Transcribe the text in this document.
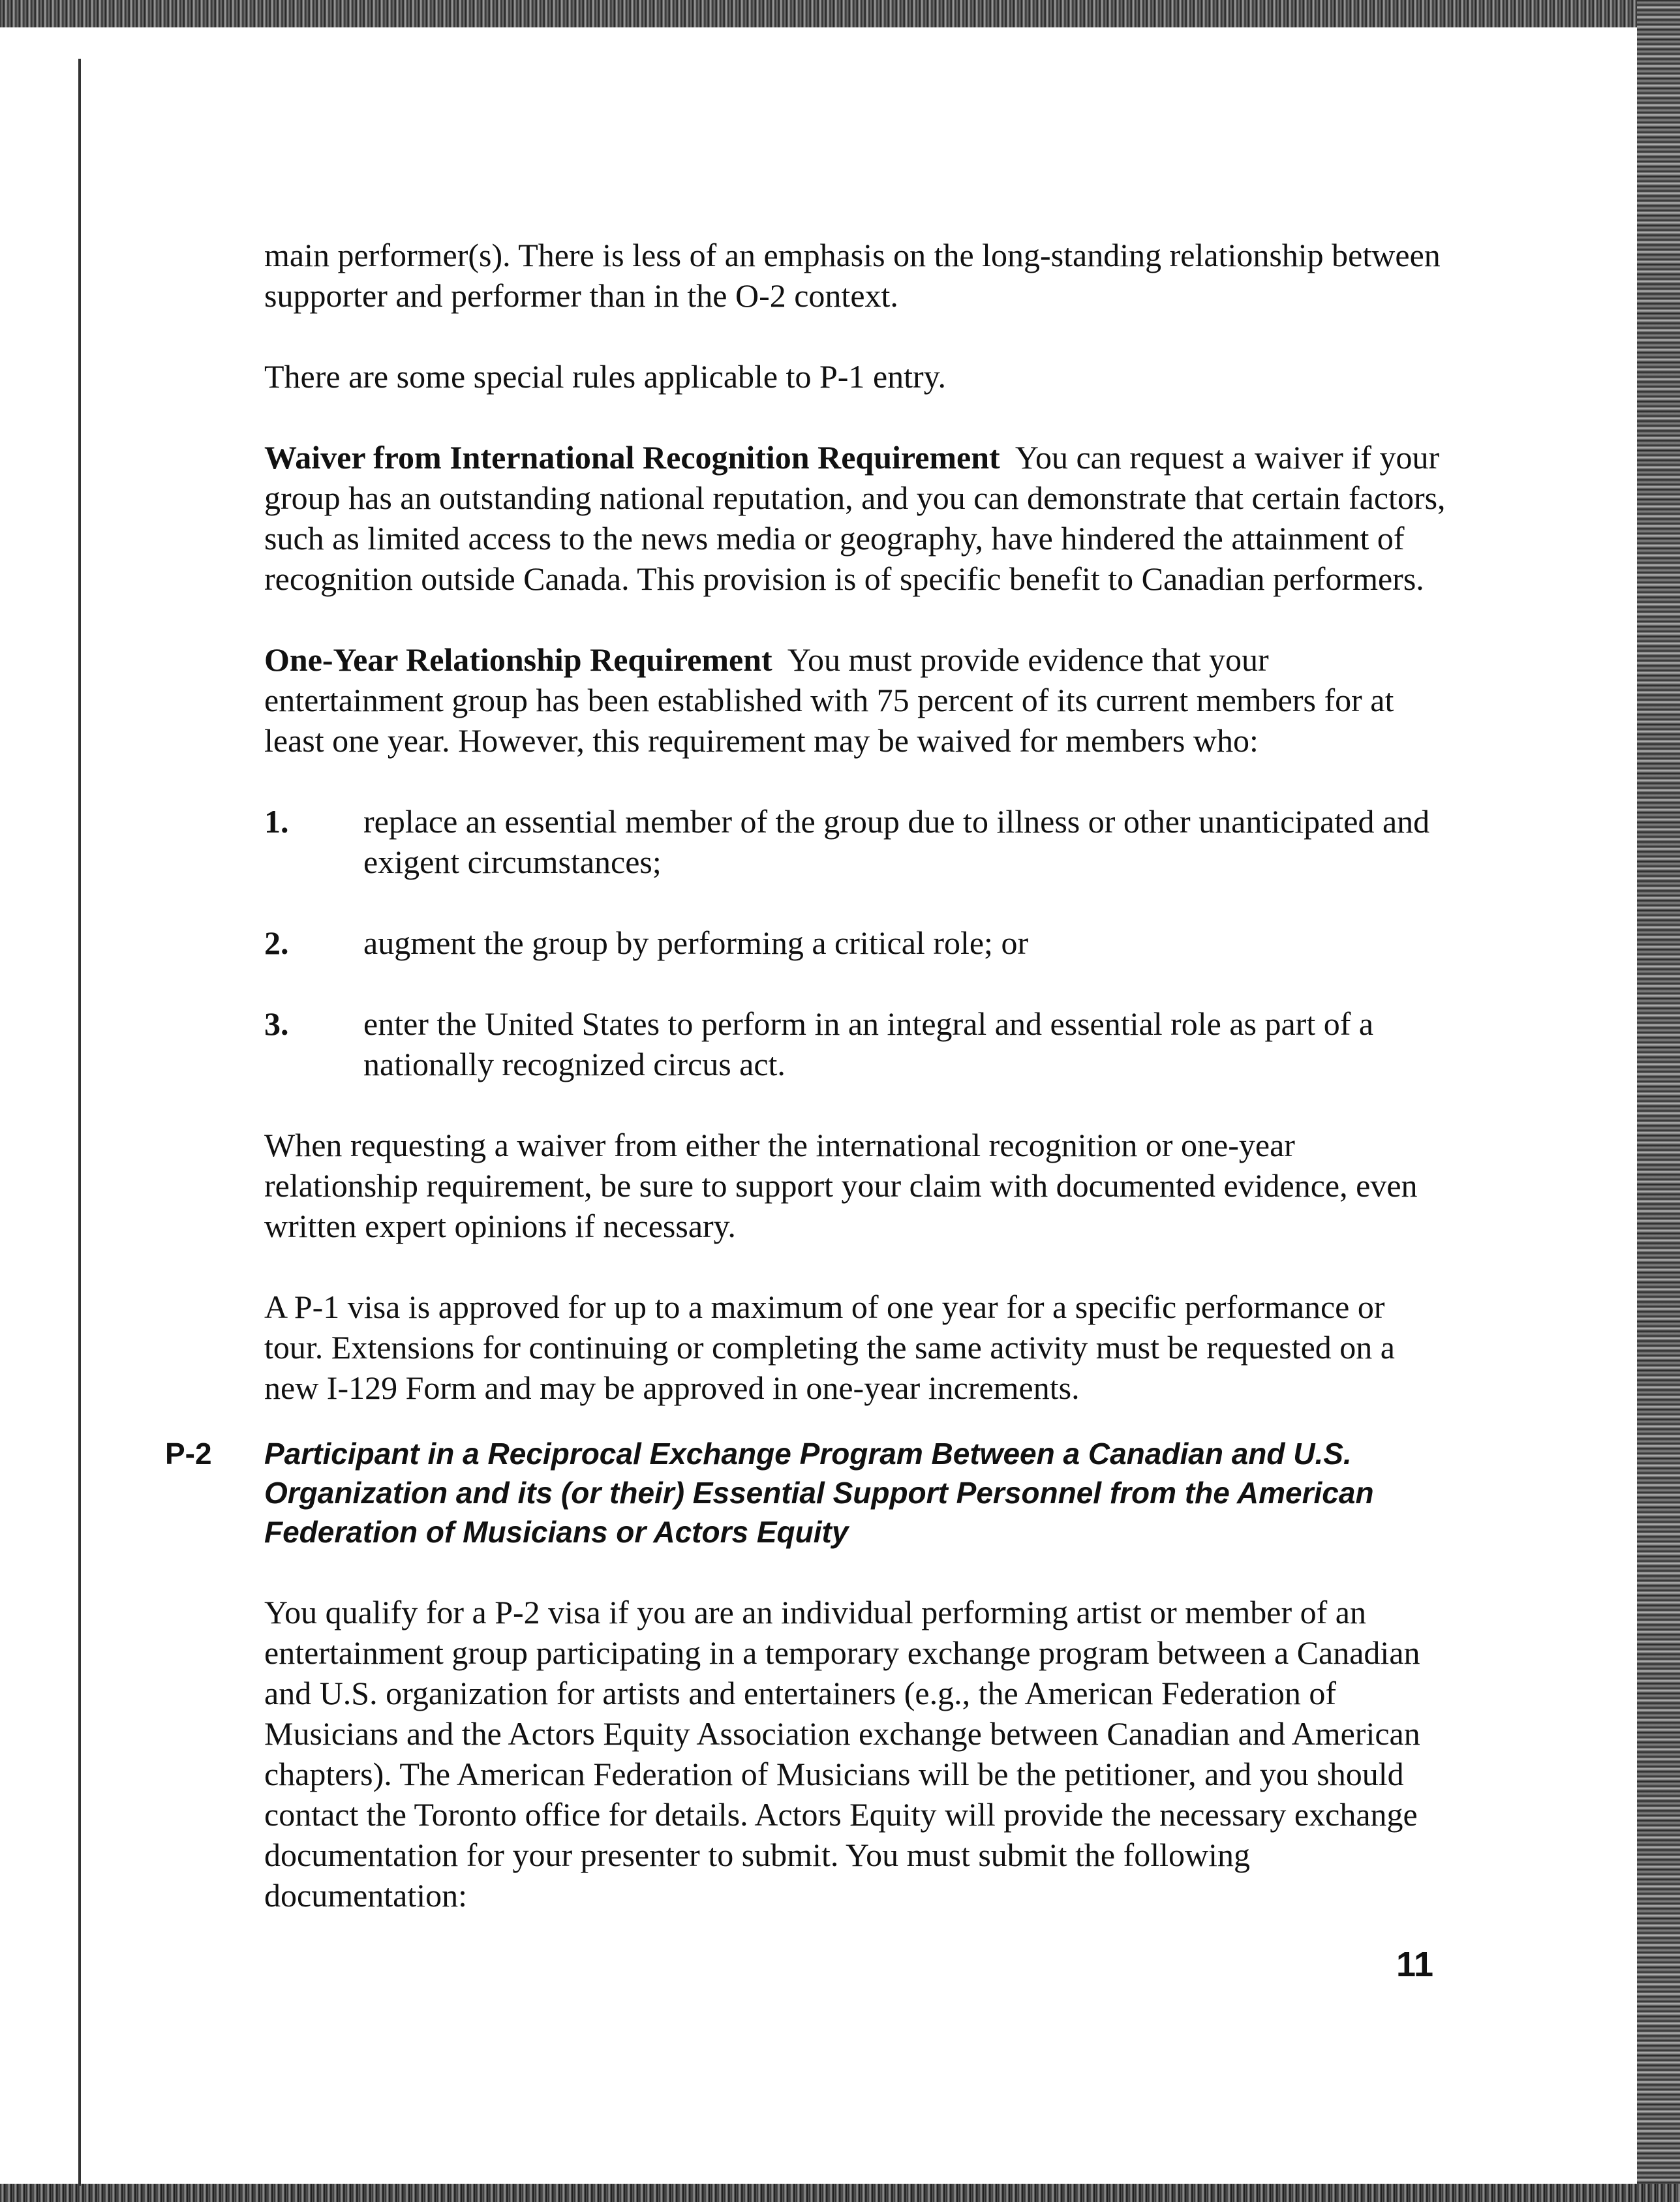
main performer(s). There is less of an emphasis on the long-standing relationship between supporter and performer than in the O-2 context.

There are some special rules applicable to P-1 entry.

Waiver from International Recognition Requirement You can request a waiver if your group has an outstanding national reputation, and you can demonstrate that certain factors, such as limited access to the news media or geography, have hindered the attainment of recognition outside Canada. This provision is of specific benefit to Canadian performers.

One-Year Relationship Requirement You must provide evidence that your entertainment group has been established with 75 percent of its current members for at least one year. However, this requirement may be waived for members who:

1.	replace an essential member of the group due to illness or other unanticipated and exigent circumstances;
2.	augment the group by performing a critical role; or
3.	enter the United States to perform in an integral and essential role as part of a nationally recognized circus act.

When requesting a waiver from either the international recognition or one-year relationship requirement, be sure to support your claim with documented evidence, even written expert opinions if necessary.

A P-1 visa is approved for up to a maximum of one year for a specific performance or tour. Extensions for continuing or completing the same activity must be requested on a new I-129 Form and may be approved in one-year increments.

P-2	Participant in a Reciprocal Exchange Program Between a Canadian and U.S. Organization and its (or their) Essential Support Personnel from the American Federation of Musicians or Actors Equity

You qualify for a P-2 visa if you are an individual performing artist or member of an entertainment group participating in a temporary exchange program between a Canadian and U.S. organization for artists and entertainers (e.g., the American Federation of Musicians and the Actors Equity Association exchange between Canadian and American chapters). The American Federation of Musicians will be the petitioner, and you should contact the Toronto office for details. Actors Equity will provide the necessary exchange documentation for your presenter to submit. You must submit the following documentation:

11
